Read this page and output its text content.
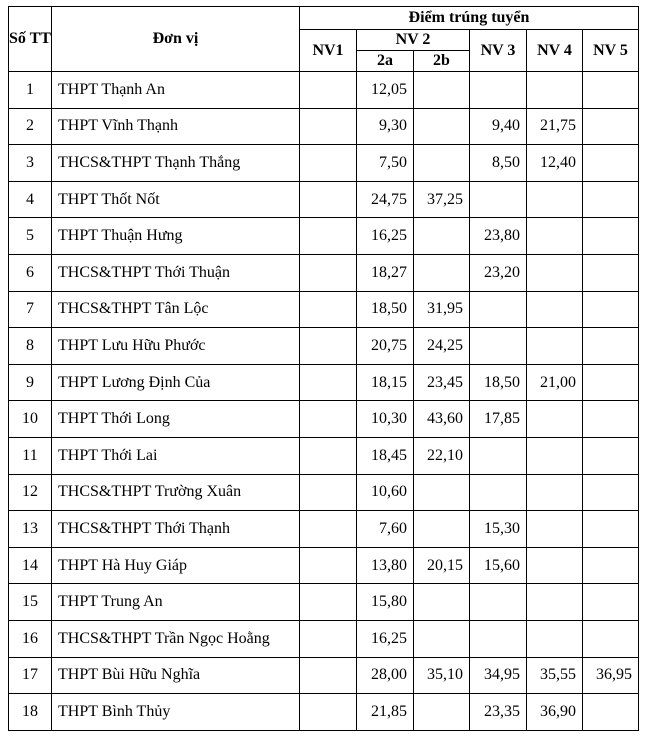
Số TT	Đơn vị	Điểm trúng tuyển					
		NV1	NV 2		NV 3	NV 4	NV 5
			2a	2b			
1	THPT Thạnh An		12,05				
2	THPT Vĩnh Thạnh		9,30		9,40	21,75	
3	THCS&THPT Thạnh Thắng		7,50		8,50	12,40	
4	THPT Thốt Nốt		24,75	37,25			
5	THPT Thuận Hưng		16,25		23,80		
6	THCS&THPT Thới Thuận		18,27		23,20		
7	THCS&THPT Tân Lộc		18,50	31,95			
8	THPT Lưu Hữu Phước		20,75	24,25			
9	THPT Lương Định Của		18,15	23,45	18,50	21,00	
10	THPT Thới Long		10,30	43,60	17,85		
11	THPT Thới Lai		18,45	22,10			
12	THCS&THPT Trường Xuân		10,60				
13	THCS&THPT Thới Thạnh		7,60		15,30		
14	THPT Hà Huy Giáp		13,80	20,15	15,60		
15	THPT Trung An		15,80				
16	THCS&THPT Trần Ngọc Hoằng		16,25				
17	THPT Bùi Hữu Nghĩa		28,00	35,10	34,95	35,55	36,95
18	THPT Bình Thủy		21,85		23,35	36,90	
